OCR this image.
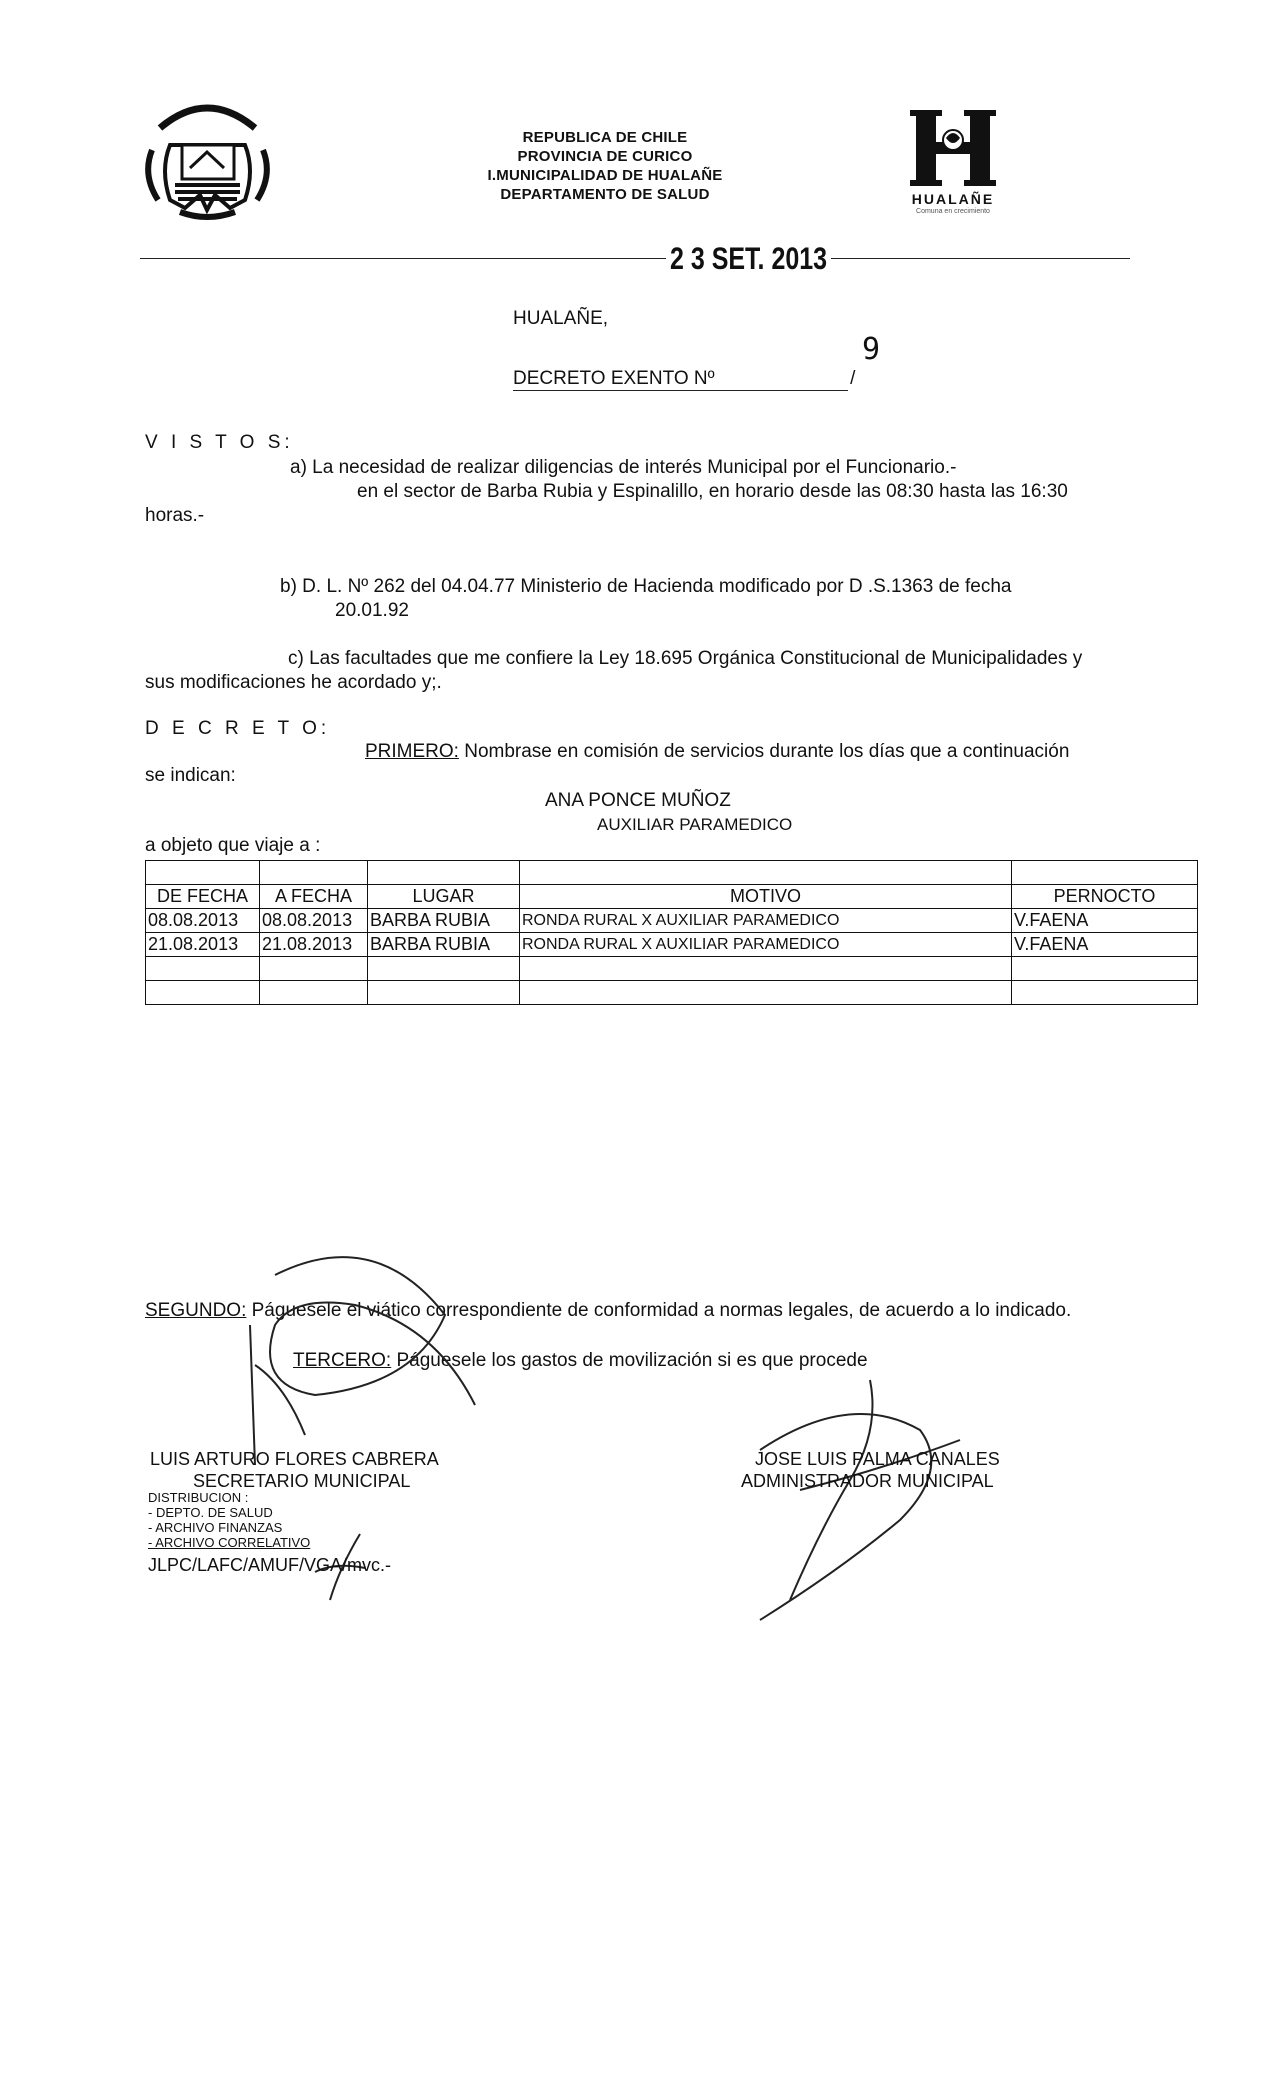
REPUBLICA DE CHILE
PROVINCIA DE CURICO
I.MUNICIPALIDAD DE HUALAÑE
DEPARTAMENTO DE SALUD	HUALAÑE
Comuna en crecimiento
2 3 SET. 2013
HUALAÑE,
9
DECRETO EXENTO Nº	/
V I S T O S:
a) La necesidad de realizar diligencias de interés Municipal por el Funcionario.-
en el sector de Barba Rubia y Espinalillo, en horario desde las 08:30 hasta las 16:30
horas.-
b) D. L. Nº 262 del 04.04.77 Ministerio de Hacienda modificado por D .S.1363 de fecha
20.01.92
c) Las facultades que me confiere la Ley 18.695 Orgánica Constitucional de Municipalidades y
sus modificaciones he acordado y;.
D E C R E T O:
PRIMERO: Nombrase en comisión de servicios durante los días que a continuación
se indican:
ANA PONCE MUÑOZ
AUXILIAR PARAMEDICO
a objeto que viaje a :

DE FECHA	A FECHA	LUGAR	MOTIVO	PERNOCTO
08.08.2013	08.08.2013	BARBA RUBIA	RONDA RURAL X AUXILIAR PARAMEDICO	V.FAENA
21.08.2013	21.08.2013	BARBA RUBIA	RONDA RURAL X AUXILIAR PARAMEDICO	V.FAENA

SEGUNDO: Páguesele el viático correspondiente de conformidad a normas legales, de acuerdo a lo indicado.
TERCERO: Páguesele los gastos de movilización si es que procede
LUIS ARTURO FLORES CABRERA
SECRETARIO MUNICIPAL
JOSE LUIS PALMA CANALES
ADMINISTRADOR MUNICIPAL
DISTRIBUCION :
- DEPTO. DE SALUD
- ARCHIVO FINANZAS
- ARCHIVO CORRELATIVO
JLPC/LAFC/AMUF/VGA/mvc.-
